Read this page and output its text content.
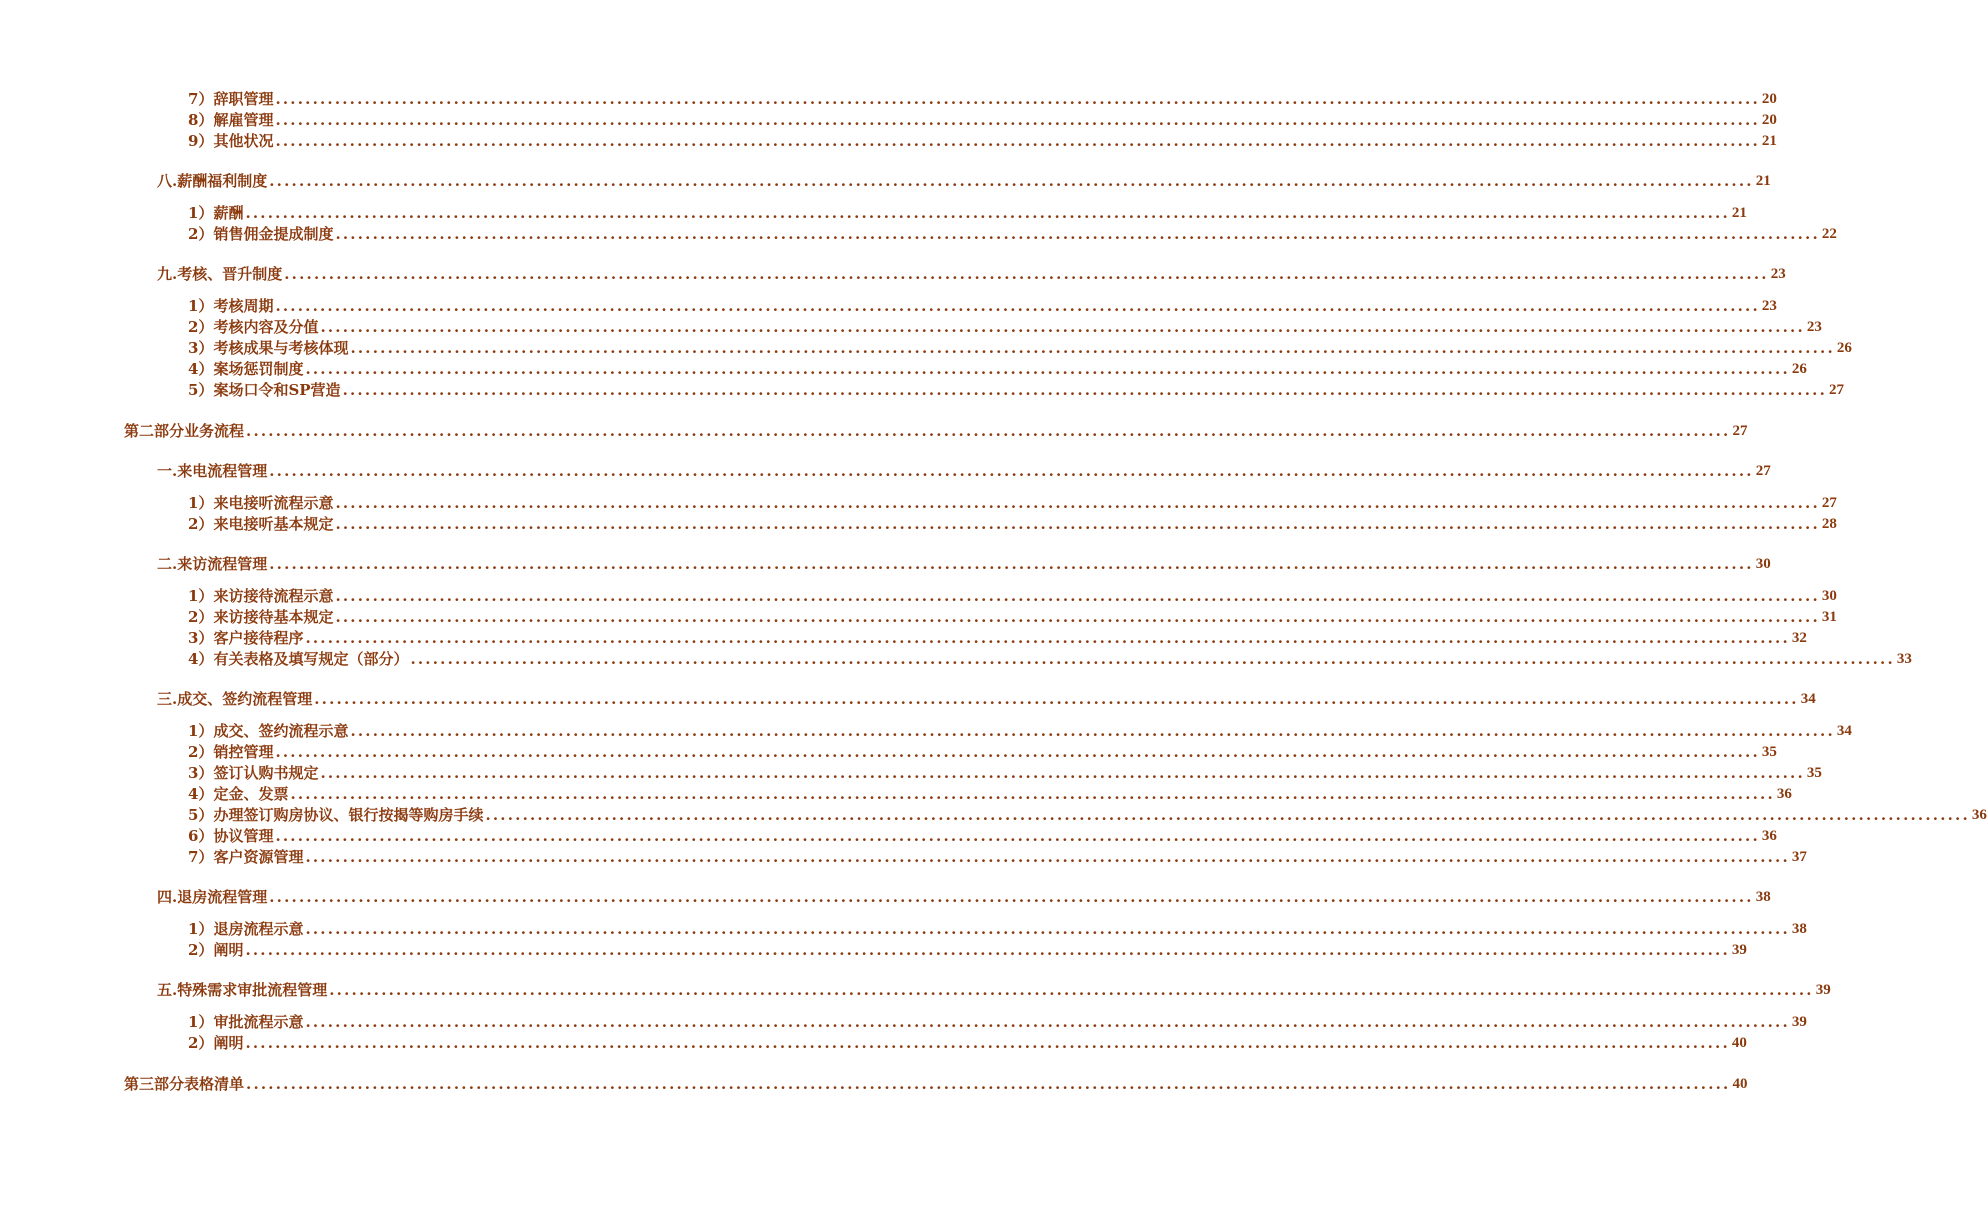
7） 辞职管理 ........................................................................................................................................................................................................ 20
8） 解雇管理 ........................................................................................................................................................................................................ 20
9） 其他状况 ........................................................................................................................................................................................................ 21
八. 薪酬福利制度 ........................................................................................................................................................................................................ 21
1） 薪酬 ........................................................................................................................................................................................................ 21
2） 销售佣金提成制度 ........................................................................................................................................................................................................ 22
九. 考核、晋升制度 ........................................................................................................................................................................................................ 23
1） 考核周期 ........................................................................................................................................................................................................ 23
2） 考核内容及分值 ........................................................................................................................................................................................................ 23
3） 考核成果与考核体现 ........................................................................................................................................................................................................ 26
4） 案场惩罚制度 ........................................................................................................................................................................................................ 26
5） 案场口令和SP营造 ........................................................................................................................................................................................................ 27
第二部分 业务流程 ........................................................................................................................................................................................................ 27
一. 来电流程管理 ........................................................................................................................................................................................................ 27
1） 来电接听流程示意 ........................................................................................................................................................................................................ 27
2） 来电接听基本规定 ........................................................................................................................................................................................................ 28
二. 来访流程管理 ........................................................................................................................................................................................................ 30
1） 来访接待流程示意 ........................................................................................................................................................................................................ 30
2） 来访接待基本规定 ........................................................................................................................................................................................................ 31
3） 客户接待程序 ........................................................................................................................................................................................................ 32
4） 有关表格及填写规定（部分） ........................................................................................................................................................................................................ 33
三. 成交、签约流程管理 ........................................................................................................................................................................................................ 34
1） 成交、签约流程示意 ........................................................................................................................................................................................................ 34
2） 销控管理 ........................................................................................................................................................................................................ 35
3） 签订认购书规定 ........................................................................................................................................................................................................ 35
4） 定金、发票 ........................................................................................................................................................................................................ 36
5） 办理签订购房协议、银行按揭等购房手续 ........................................................................................................................................................................................................ 36
6） 协议管理 ........................................................................................................................................................................................................ 36
7） 客户资源管理 ........................................................................................................................................................................................................ 37
四. 退房流程管理 ........................................................................................................................................................................................................ 38
1） 退房流程示意 ........................................................................................................................................................................................................ 38
2） 阐明 ........................................................................................................................................................................................................ 39
五. 特殊需求审批流程管理 ........................................................................................................................................................................................................ 39
1） 审批流程示意 ........................................................................................................................................................................................................ 39
2） 阐明 ........................................................................................................................................................................................................ 40
第三部分 表格清单 ........................................................................................................................................................................................................ 40
